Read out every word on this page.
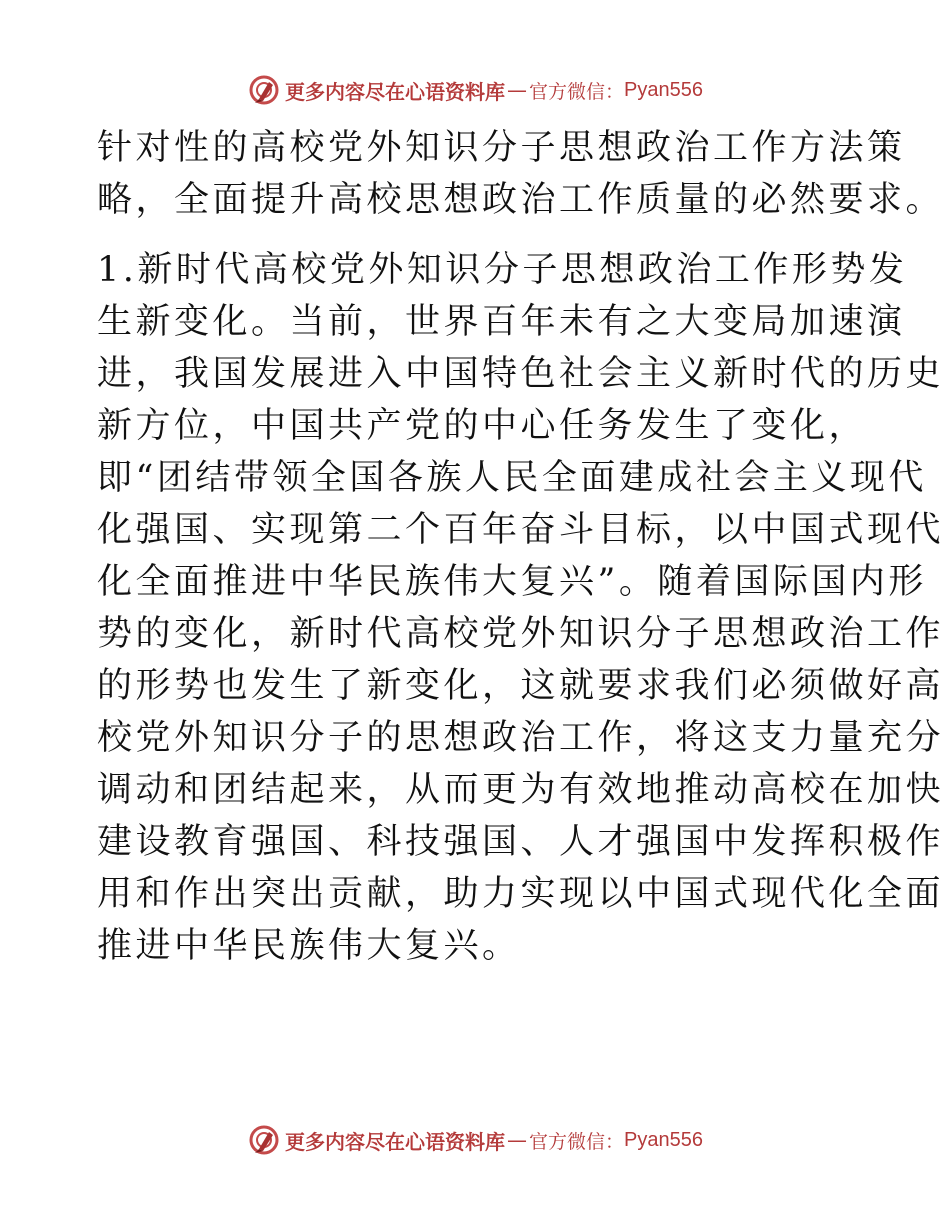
更多内容尽在心语资料库 — 官方微信： Pyan556
针对性的高校党外知识分子思想政治工作方法策
略，全面提升高校思想政治工作质量的必然要求。
1.新时代高校党外知识分子思想政治工作形势发
生新变化。当前，世界百年未有之大变局加速演
进，我国发展进入中国特色社会主义新时代的历史
新方位，中国共产党的中心任务发生了变化，
即“团结带领全国各族人民全面建成社会主义现代
化强国、实现第二个百年奋斗目标，以中国式现代
化全面推进中华民族伟大复兴”。随着国际国内形
势的变化，新时代高校党外知识分子思想政治工作
的形势也发生了新变化，这就要求我们必须做好高
校党外知识分子的思想政治工作，将这支力量充分
调动和团结起来，从而更为有效地推动高校在加快
建设教育强国、科技强国、人才强国中发挥积极作
用和作出突出贡献，助力实现以中国式现代化全面
推进中华民族伟大复兴。
更多内容尽在心语资料库 — 官方微信： Pyan556
